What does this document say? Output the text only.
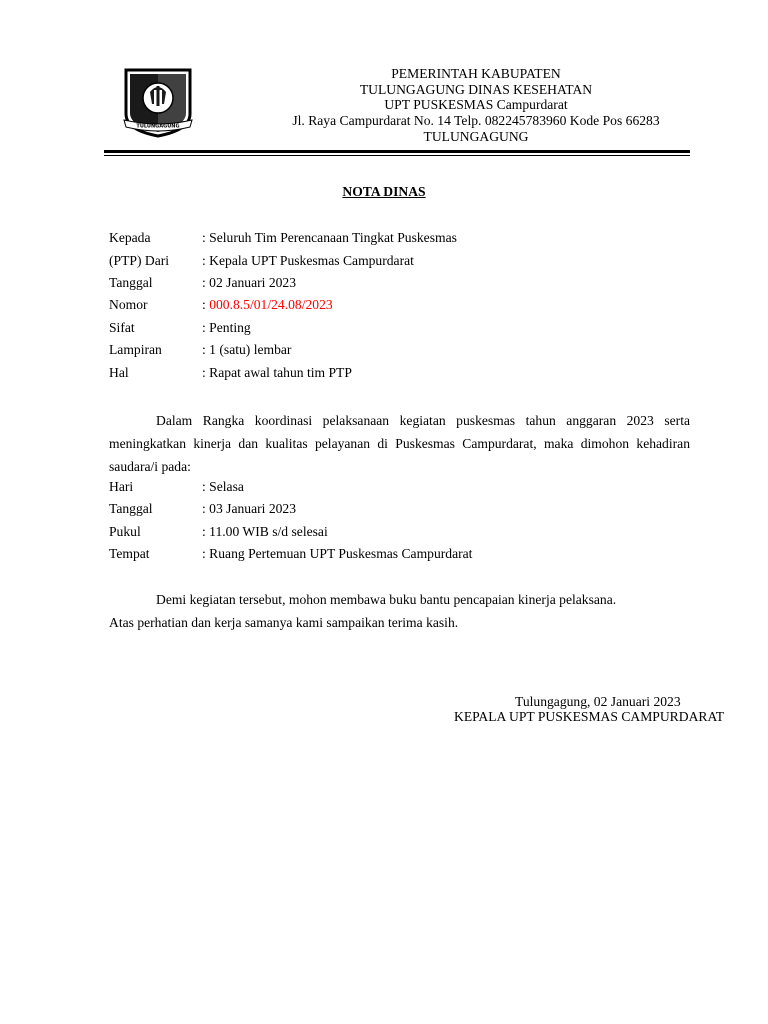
TULUNGAGUNG
PEMERINTAH KABUPATEN
TULUNGAGUNG DINAS KESEHATAN
UPT PUSKESMAS Campurdarat
Jl. Raya Campurdarat No. 14 Telp. 082245783960 Kode Pos 66283
TULUNGAGUNG
NOTA DINAS
Kepada	: Seluruh Tim Perencanaan Tingkat Puskesmas
(PTP) Dari : Kepala UPT Puskesmas Campurdarat
Tanggal	: 02 Januari 2023
Nomor	: 000.8.5/01/24.08/2023
Sifat	: Penting
Lampiran	: 1 (satu) lembar
Hal	: Rapat awal tahun tim PTP
Dalam Rangka koordinasi pelaksanaan kegiatan puskesmas tahun anggaran 2023 serta meningkatkan kinerja dan kualitas pelayanan di Puskesmas Campurdarat, maka dimohon kehadiran saudara/i pada:
Hari	: Selasa
Tanggal	: 03 Januari 2023
Pukul	: 11.00 WIB s/d selesai
Tempat	: Ruang Pertemuan UPT Puskesmas Campurdarat
Demi kegiatan tersebut, mohon membawa buku bantu pencapaian kinerja pelaksana.
Atas perhatian dan kerja samanya kami sampaikan terima kasih.
Tulungagung, 02 Januari 2023
KEPALA UPT PUSKESMAS CAMPURDARAT
